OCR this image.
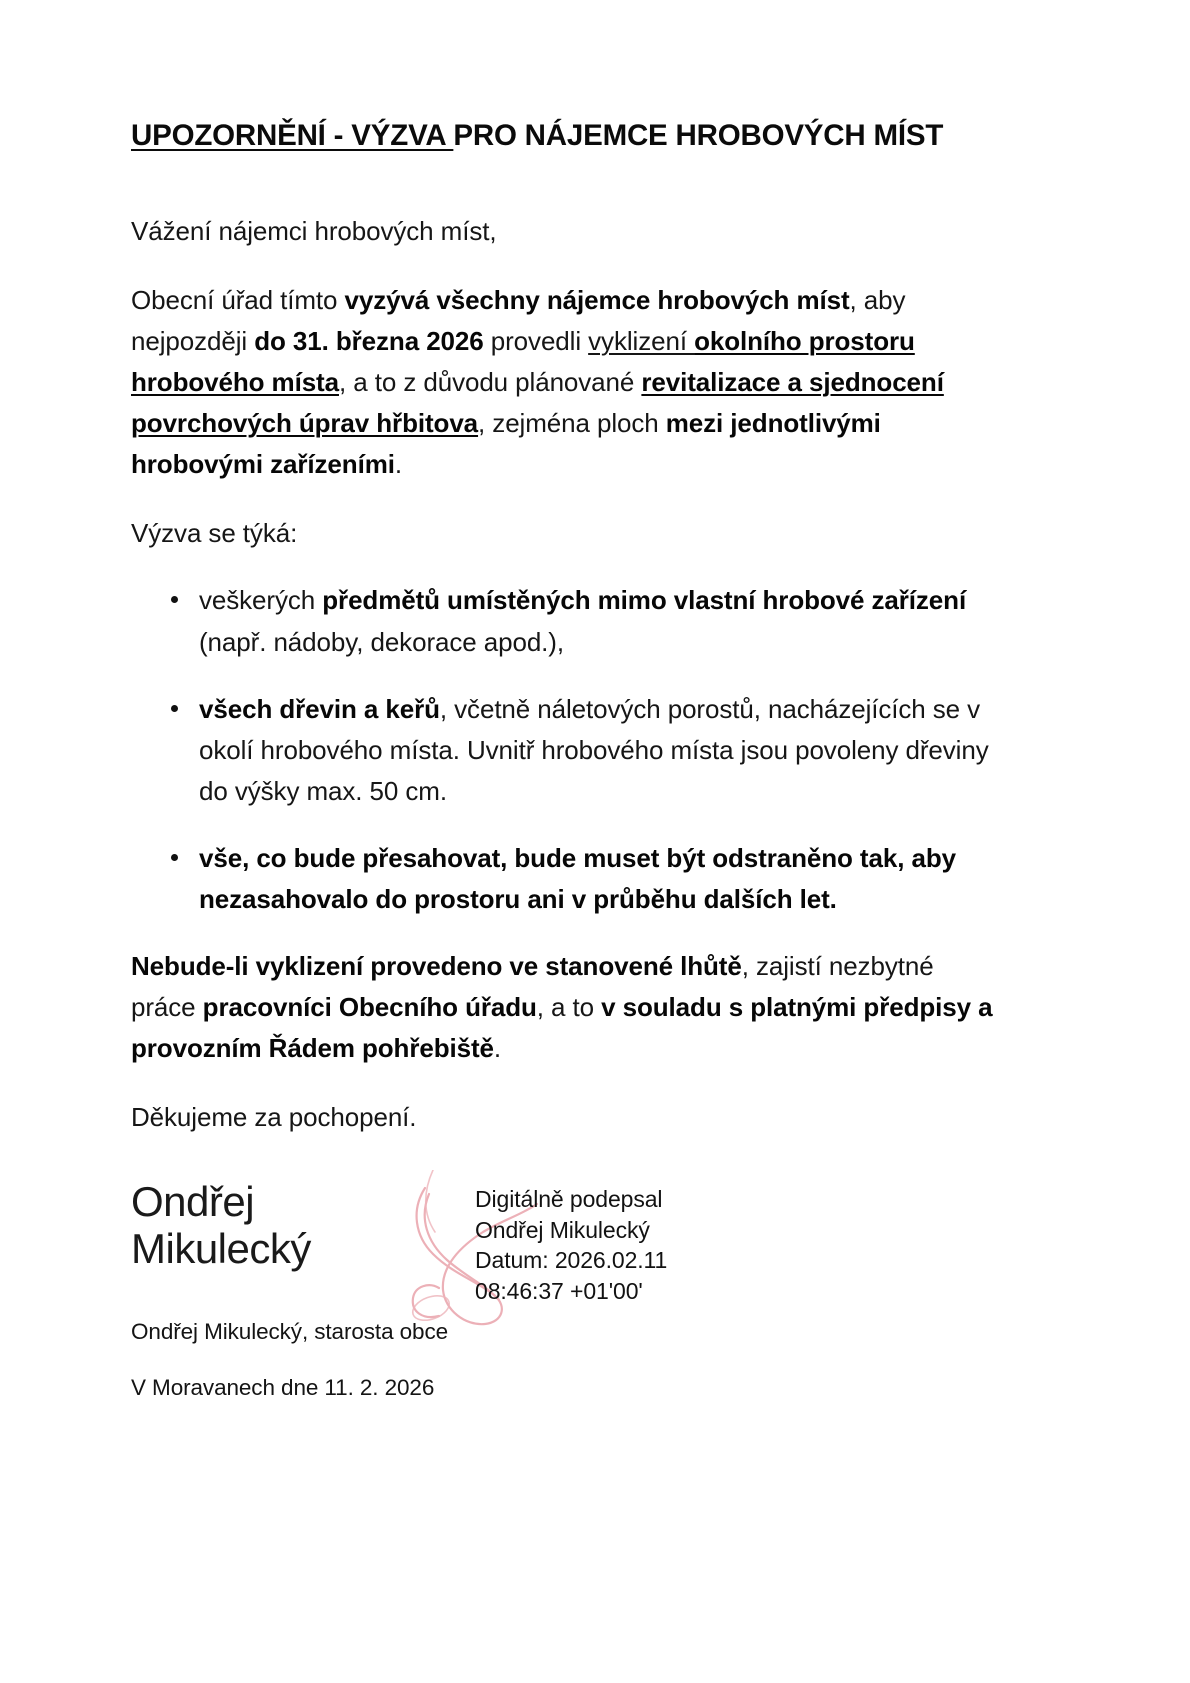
UPOZORNĚNÍ - VÝZVA PRO NÁJEMCE HROBOVÝCH MÍST

Vážení nájemci hrobových míst,

Obecní úřad tímto vyzývá všechny nájemce hrobových míst, aby nejpozději do 31. března 2026 provedli vyklizení okolního prostoru hrobového místa, a to z důvodu plánované revitalizace a sjednocení povrchových úprav hřbitova, zejména ploch mezi jednotlivými hrobovými zařízeními.

Výzva se týká:

veškerých předmětů umístěných mimo vlastní hrobové zařízení (např. nádoby, dekorace apod.),
všech dřevin a keřů, včetně náletových porostů, nacházejících se v okolí hrobového místa. Uvnitř hrobového místa jsou povoleny dřeviny do výšky max. 50 cm.
vše, co bude přesahovat, bude muset být odstraněno tak, aby nezasahovalo do prostoru ani v průběhu dalších let.

Nebude-li vyklizení provedeno ve stanovené lhůtě, zajistí nezbytné práce pracovníci Obecního úřadu, a to v souladu s platnými předpisy a provozním Řádem pohřebiště.

Děkujeme za pochopení.

Ondřej
Mikulecký
Digitálně podepsal
Ondřej Mikulecký
Datum: 2026.02.11
08:46:37 +01'00'
Ondřej Mikulecký, starosta obce
V Moravanech dne 11. 2. 2026
